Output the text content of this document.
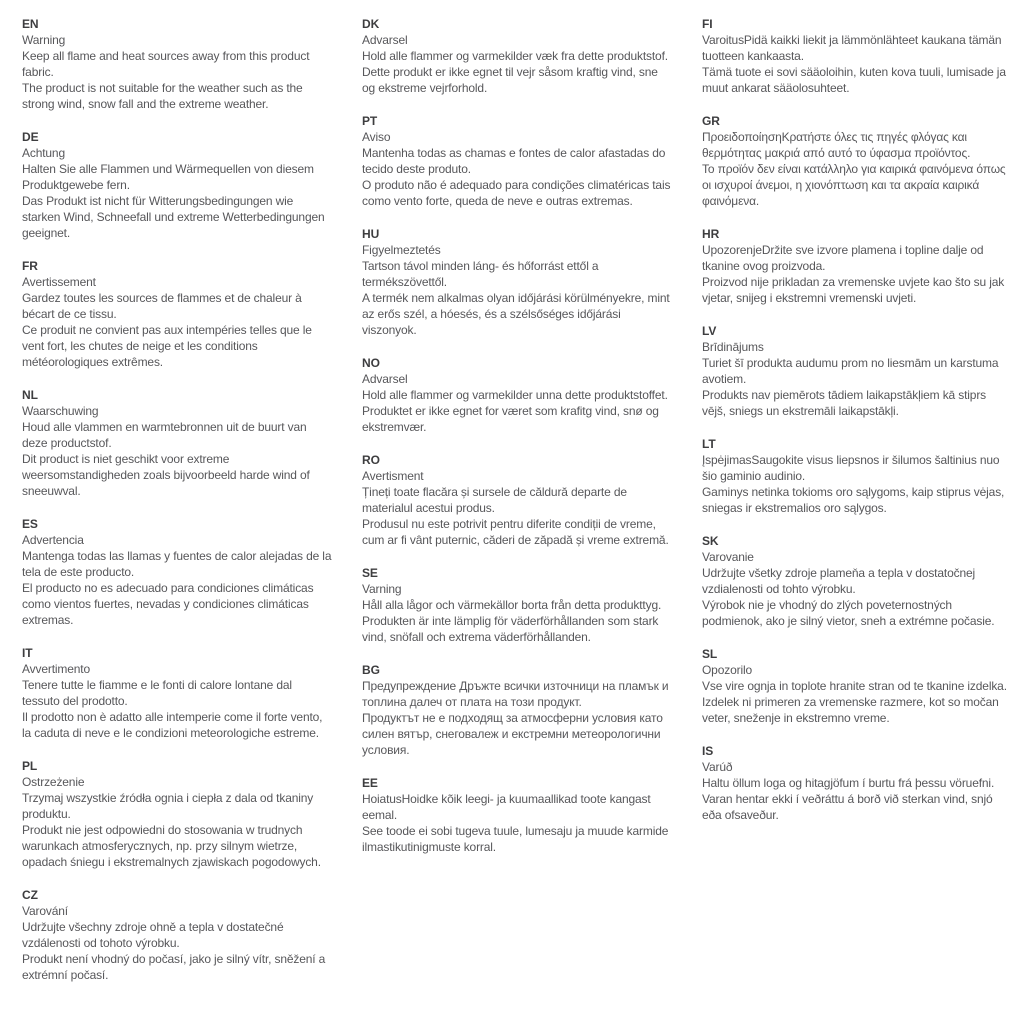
EN

Warning

Keep all flame and heat sources away from this product fabric.

The product is not suitable for the weather such as the strong wind, snow fall and the extreme weather.

DE

Achtung

Halten Sie alle Flammen und Wärmequellen von diesem Produktgewebe fern.

Das Produkt ist nicht für Witterungsbedingungen wie starken Wind, Schneefall und extreme Wetterbedingungen geeignet.

FR

Avertissement

Gardez toutes les sources de flammes et de chaleur à bécart de ce tissu.

Ce produit ne convient pas aux intempéries telles que le vent fort, les chutes de neige et les conditions météorologiques extrêmes.

NL

Waarschuwing

Houd alle vlammen en warmtebronnen uit de buurt van deze productstof.

Dit product is niet geschikt voor extreme weersomstandigheden zoals bijvoorbeeld harde wind of sneeuwval.

ES

Advertencia

Mantenga todas las llamas y fuentes de calor alejadas de la tela de este producto.

El producto no es adecuado para condiciones climáticas como vientos fuertes, nevadas y condiciones climáticas extremas.

IT

Avvertimento

Tenere tutte le fiamme e le fonti di calore lontane dal tessuto del prodotto.

Il prodotto non è adatto alle intemperie come il forte vento, la caduta di neve e le condizioni meteorologiche estreme.

PL

Ostrzeżenie

Trzymaj wszystkie źródła ognia i ciepła z dala od tkaniny produktu.

Produkt nie jest odpowiedni do stosowania w trudnych warunkach atmosferycznych, np. przy silnym wietrze, opadach śniegu i ekstremalnych zjawiskach pogodowych.

CZ

Varování

Udržujte všechny zdroje ohně a tepla v dostatečné vzdálenosti od tohoto výrobku.

Produkt není vhodný do počasí, jako je silný vítr, sněžení a extrémní počasí.

DK

Advarsel

Hold alle flammer og varmekilder væk fra dette produktstof.

Dette produkt er ikke egnet til vejr såsom kraftig vind, sne og ekstreme vejrforhold.

PT

Aviso

Mantenha todas as chamas e fontes de calor afastadas do tecido deste produto.

O produto não é adequado para condições climatéricas tais como vento forte, queda de neve e outras extremas.

HU

Figyelmeztetés

Tartson távol minden láng- és hőforrást ettől a termékszövettől.

A termék nem alkalmas olyan időjárási körülményekre, mint az erős szél, a hóesés, és a szélsőséges időjárási viszonyok.

NO

Advarsel

Hold alle flammer og varmekilder unna dette produktstoffet.

Produktet er ikke egnet for været som krafitg vind, snø og ekstremvær.

RO

Avertisment

Țineți toate flacăra și sursele de căldură departe de materialul acestui produs.

Produsul nu este potrivit pentru diferite condiții de vreme, cum ar fi vânt puternic, căderi de zăpadă și vreme extremă.

SE

Varning

Håll alla lågor och värmekällor borta från detta produkttyg.

Produkten är inte lämplig för väderförhållanden som stark vind, snöfall och extrema väderförhållanden.

BG

Предупреждение Дръжте всички източници на пламък и топлина далеч от плата на този продукт.

Продуктът не е подходящ за атмосферни условия като силен вятър, снеговалеж и екстремни метеорологични условия.

EE

HoiatusHoidke kõik leegi- ja kuumaallikad toote kangast eemal.

See toode ei sobi tugeva tuule, lumesaju ja muude karmide ilmastikutinigmuste korral.

FI

VaroitusPidä kaikki liekit ja lämmönlähteet kaukana tämän tuotteen kankaasta.

Tämä tuote ei sovi sääoloihin, kuten kova tuuli, lumisade ja muut ankarat sääolosuhteet.

GR

ΠροειδοποίησηΚρατήστε όλες τις πηγές φλόγας και θερμότητας μακριά από αυτό το ύφασμα προϊόντος.

Το προϊόν δεν είναι κατάλληλο για καιρικά φαινόμενα όπως οι ισχυροί άνεμοι, η χιονόπτωση και τα ακραία καιρικά φαινόμενα.

HR

UpozorenjeDržite sve izvore plamena i topline dalje od tkanine ovog proizvoda.

Proizvod nije prikladan za vremenske uvjete kao što su jak vjetar, snijeg i ekstremni vremenski uvjeti.

LV

Brīdinājums

Turiet šī produkta audumu prom no liesmām un karstuma avotiem.

Produkts nav piemērots tādiem laikapstākļiem kā stiprs vējš, sniegs un ekstremāli laikapstākļi.

LT

ĮspėjimasSaugokite visus liepsnos ir šilumos šaltinius nuo šio gaminio audinio.

Gaminys netinka tokioms oro sąlygoms, kaip stiprus vėjas, sniegas ir ekstremalios oro sąlygos.

SK

Varovanie

Udržujte všetky zdroje plameňa a tepla v dostatočnej vzdialenosti od tohto výrobku.

Výrobok nie je vhodný do zlých poveternostných podmienok, ako je silný vietor, sneh a extrémne počasie.

SL

Opozorilo

Vse vire ognja in toplote hranite stran od te tkanine izdelka.

Izdelek ni primeren za vremenske razmere, kot so močan veter, sneženje in ekstremno vreme.

IS

Varúð

Haltu öllum loga og hitagjöfum í burtu frá þessu vöruefni.

Varan hentar ekki í veðráttu á borð við sterkan vind, snjó eða ofsaveður.
